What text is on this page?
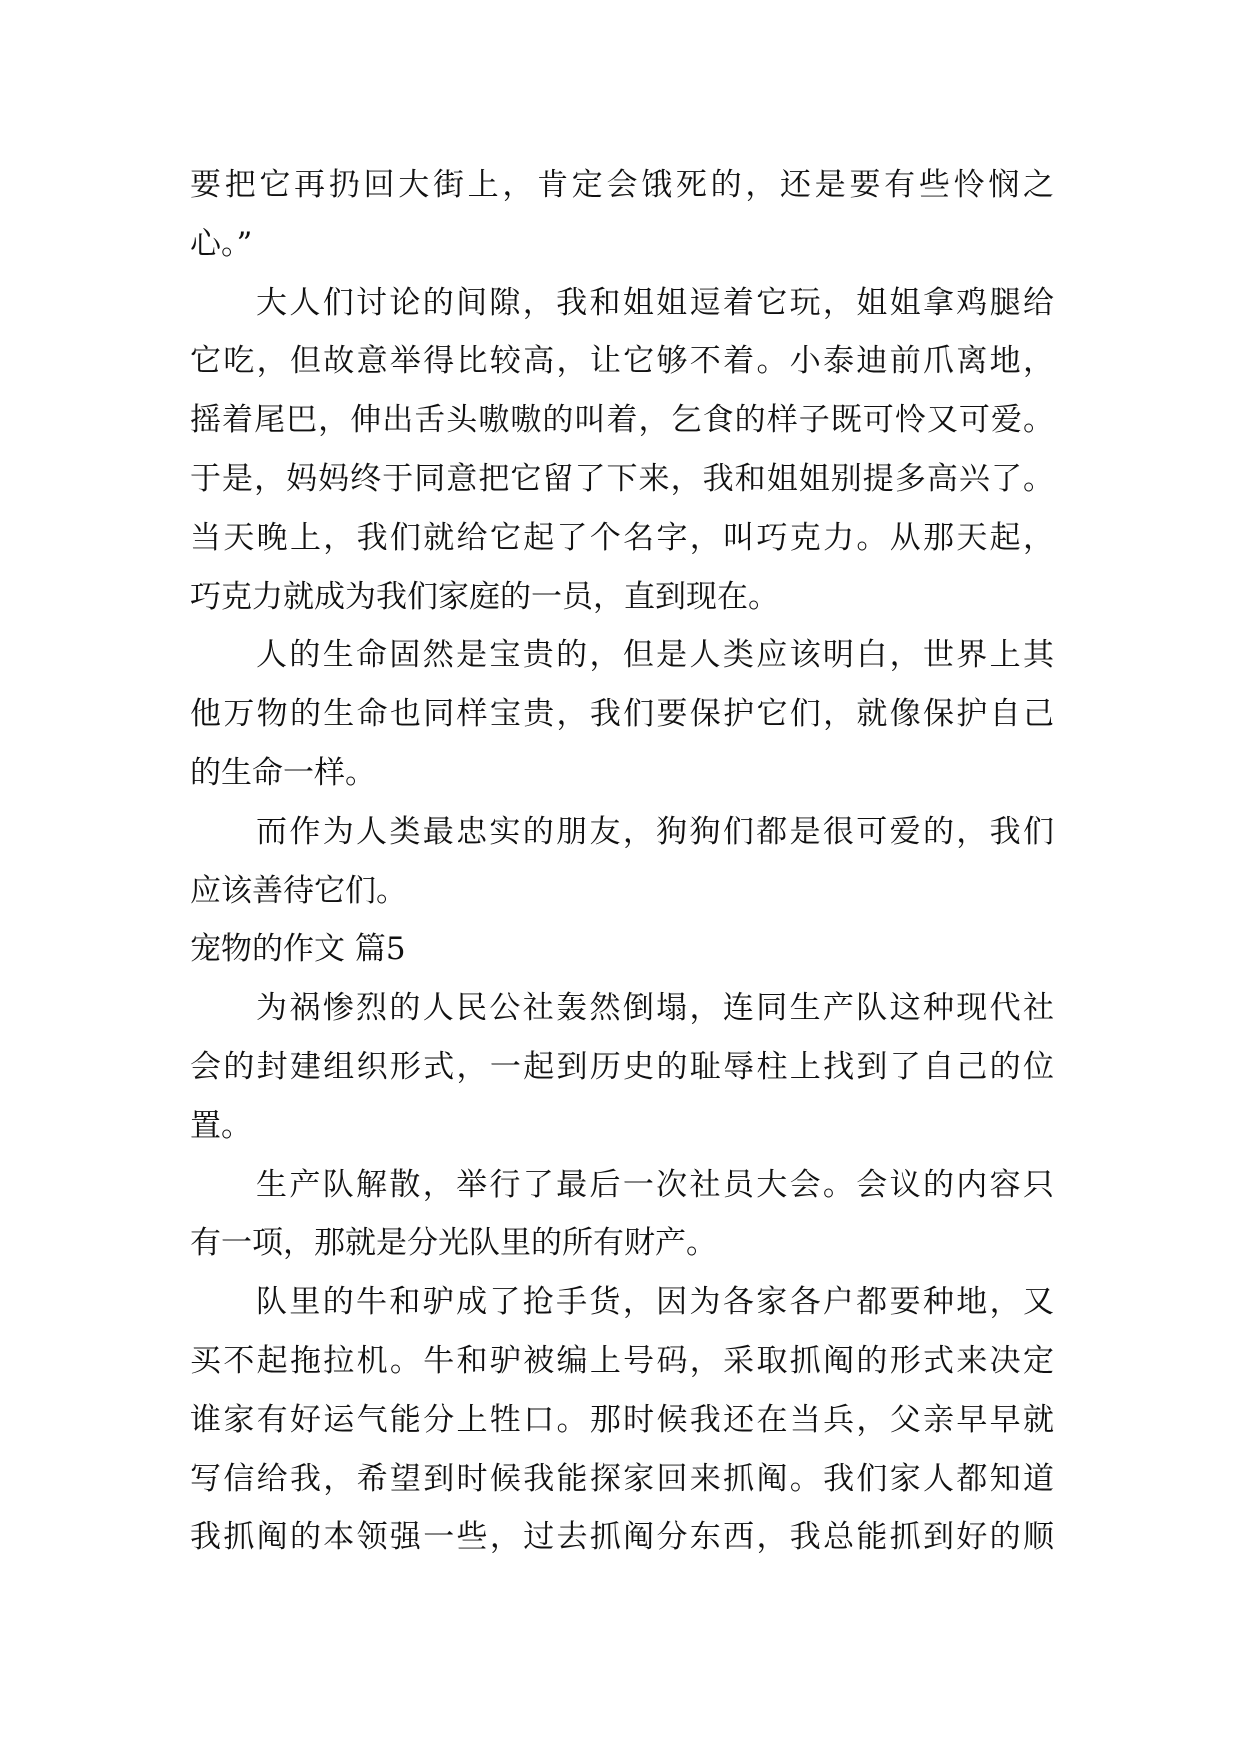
要把它再扔回大街上，肯定会饿死的，还是要有些怜悯之
心。”
大人们讨论的间隙，我和姐姐逗着它玩，姐姐拿鸡腿给
它吃，但故意举得比较高，让它够不着。小泰迪前爪离地，
摇着尾巴，伸出舌头嗷嗷的叫着，乞食的样子既可怜又可爱。
于是，妈妈终于同意把它留了下来，我和姐姐别提多高兴了。
当天晚上，我们就给它起了个名字，叫巧克力。从那天起，
巧克力就成为我们家庭的一员，直到现在。
人的生命固然是宝贵的，但是人类应该明白，世界上其
他万物的生命也同样宝贵，我们要保护它们，就像保护自己
的生命一样。
而作为人类最忠实的朋友，狗狗们都是很可爱的，我们
应该善待它们。
宠物的作文 篇5
为祸惨烈的人民公社轰然倒塌，连同生产队这种现代社
会的封建组织形式，一起到历史的耻辱柱上找到了自己的位
置。
生产队解散，举行了最后一次社员大会。会议的内容只
有一项，那就是分光队里的所有财产。
队里的牛和驴成了抢手货，因为各家各户都要种地，又
买不起拖拉机。牛和驴被编上号码，采取抓阄的形式来决定
谁家有好运气能分上牲口。那时候我还在当兵，父亲早早就
写信给我，希望到时候我能探家回来抓阄。我们家人都知道
我抓阄的本领强一些，过去抓阄分东西，我总能抓到好的顺
